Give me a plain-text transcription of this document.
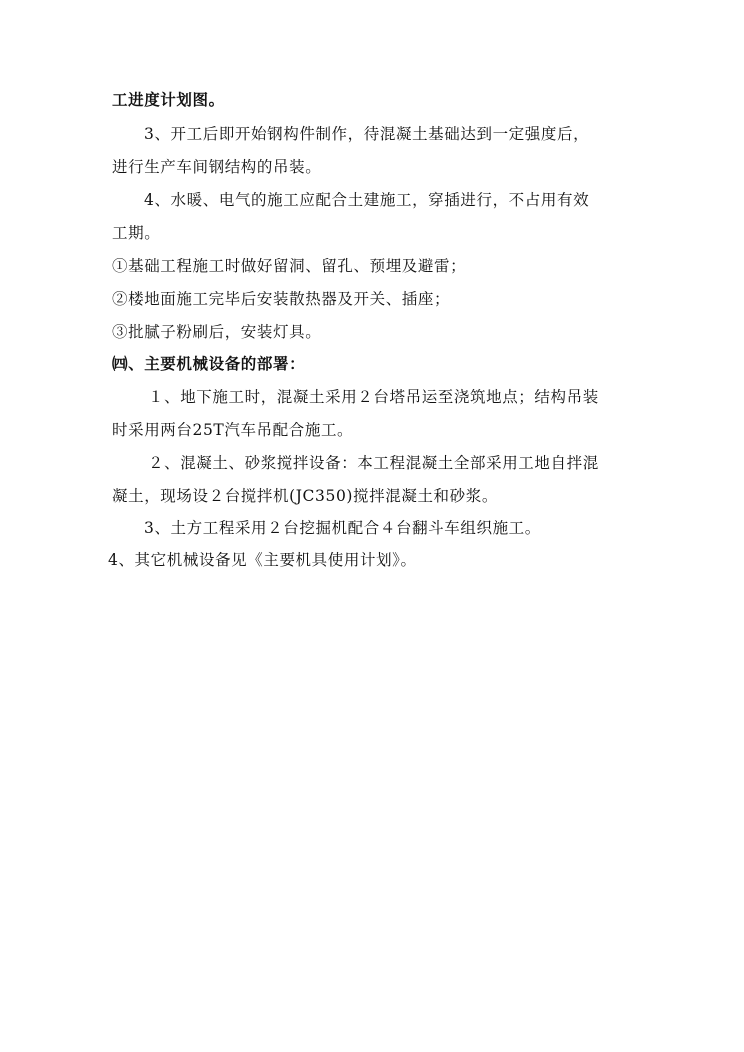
工进度计划图。
3、开工后即开始钢构件制作，待混凝土基础达到一定强度后，
进行生产车间钢结构的吊装。
4、水暖、电气的施工应配合土建施工，穿插进行，不占用有效
工期。
①基础工程施工时做好留洞、留孔、预埋及避雷；
②楼地面施工完毕后安装散热器及开关、插座；
③批腻子粉刷后，安装灯具。
㈣、主要机械设备的部署：
１、地下施工时，混凝土采用２台塔吊运至浇筑地点；结构吊装
时采用两台25T汽车吊配合施工。
２、混凝土、砂浆搅拌设备：本工程混凝土全部采用工地自拌混
凝土，现场设２台搅拌机(JC350)搅拌混凝土和砂浆。
3、土方工程采用２台挖掘机配合４台翻斗车组织施工。
4、其它机械设备见《主要机具使用计划》。
